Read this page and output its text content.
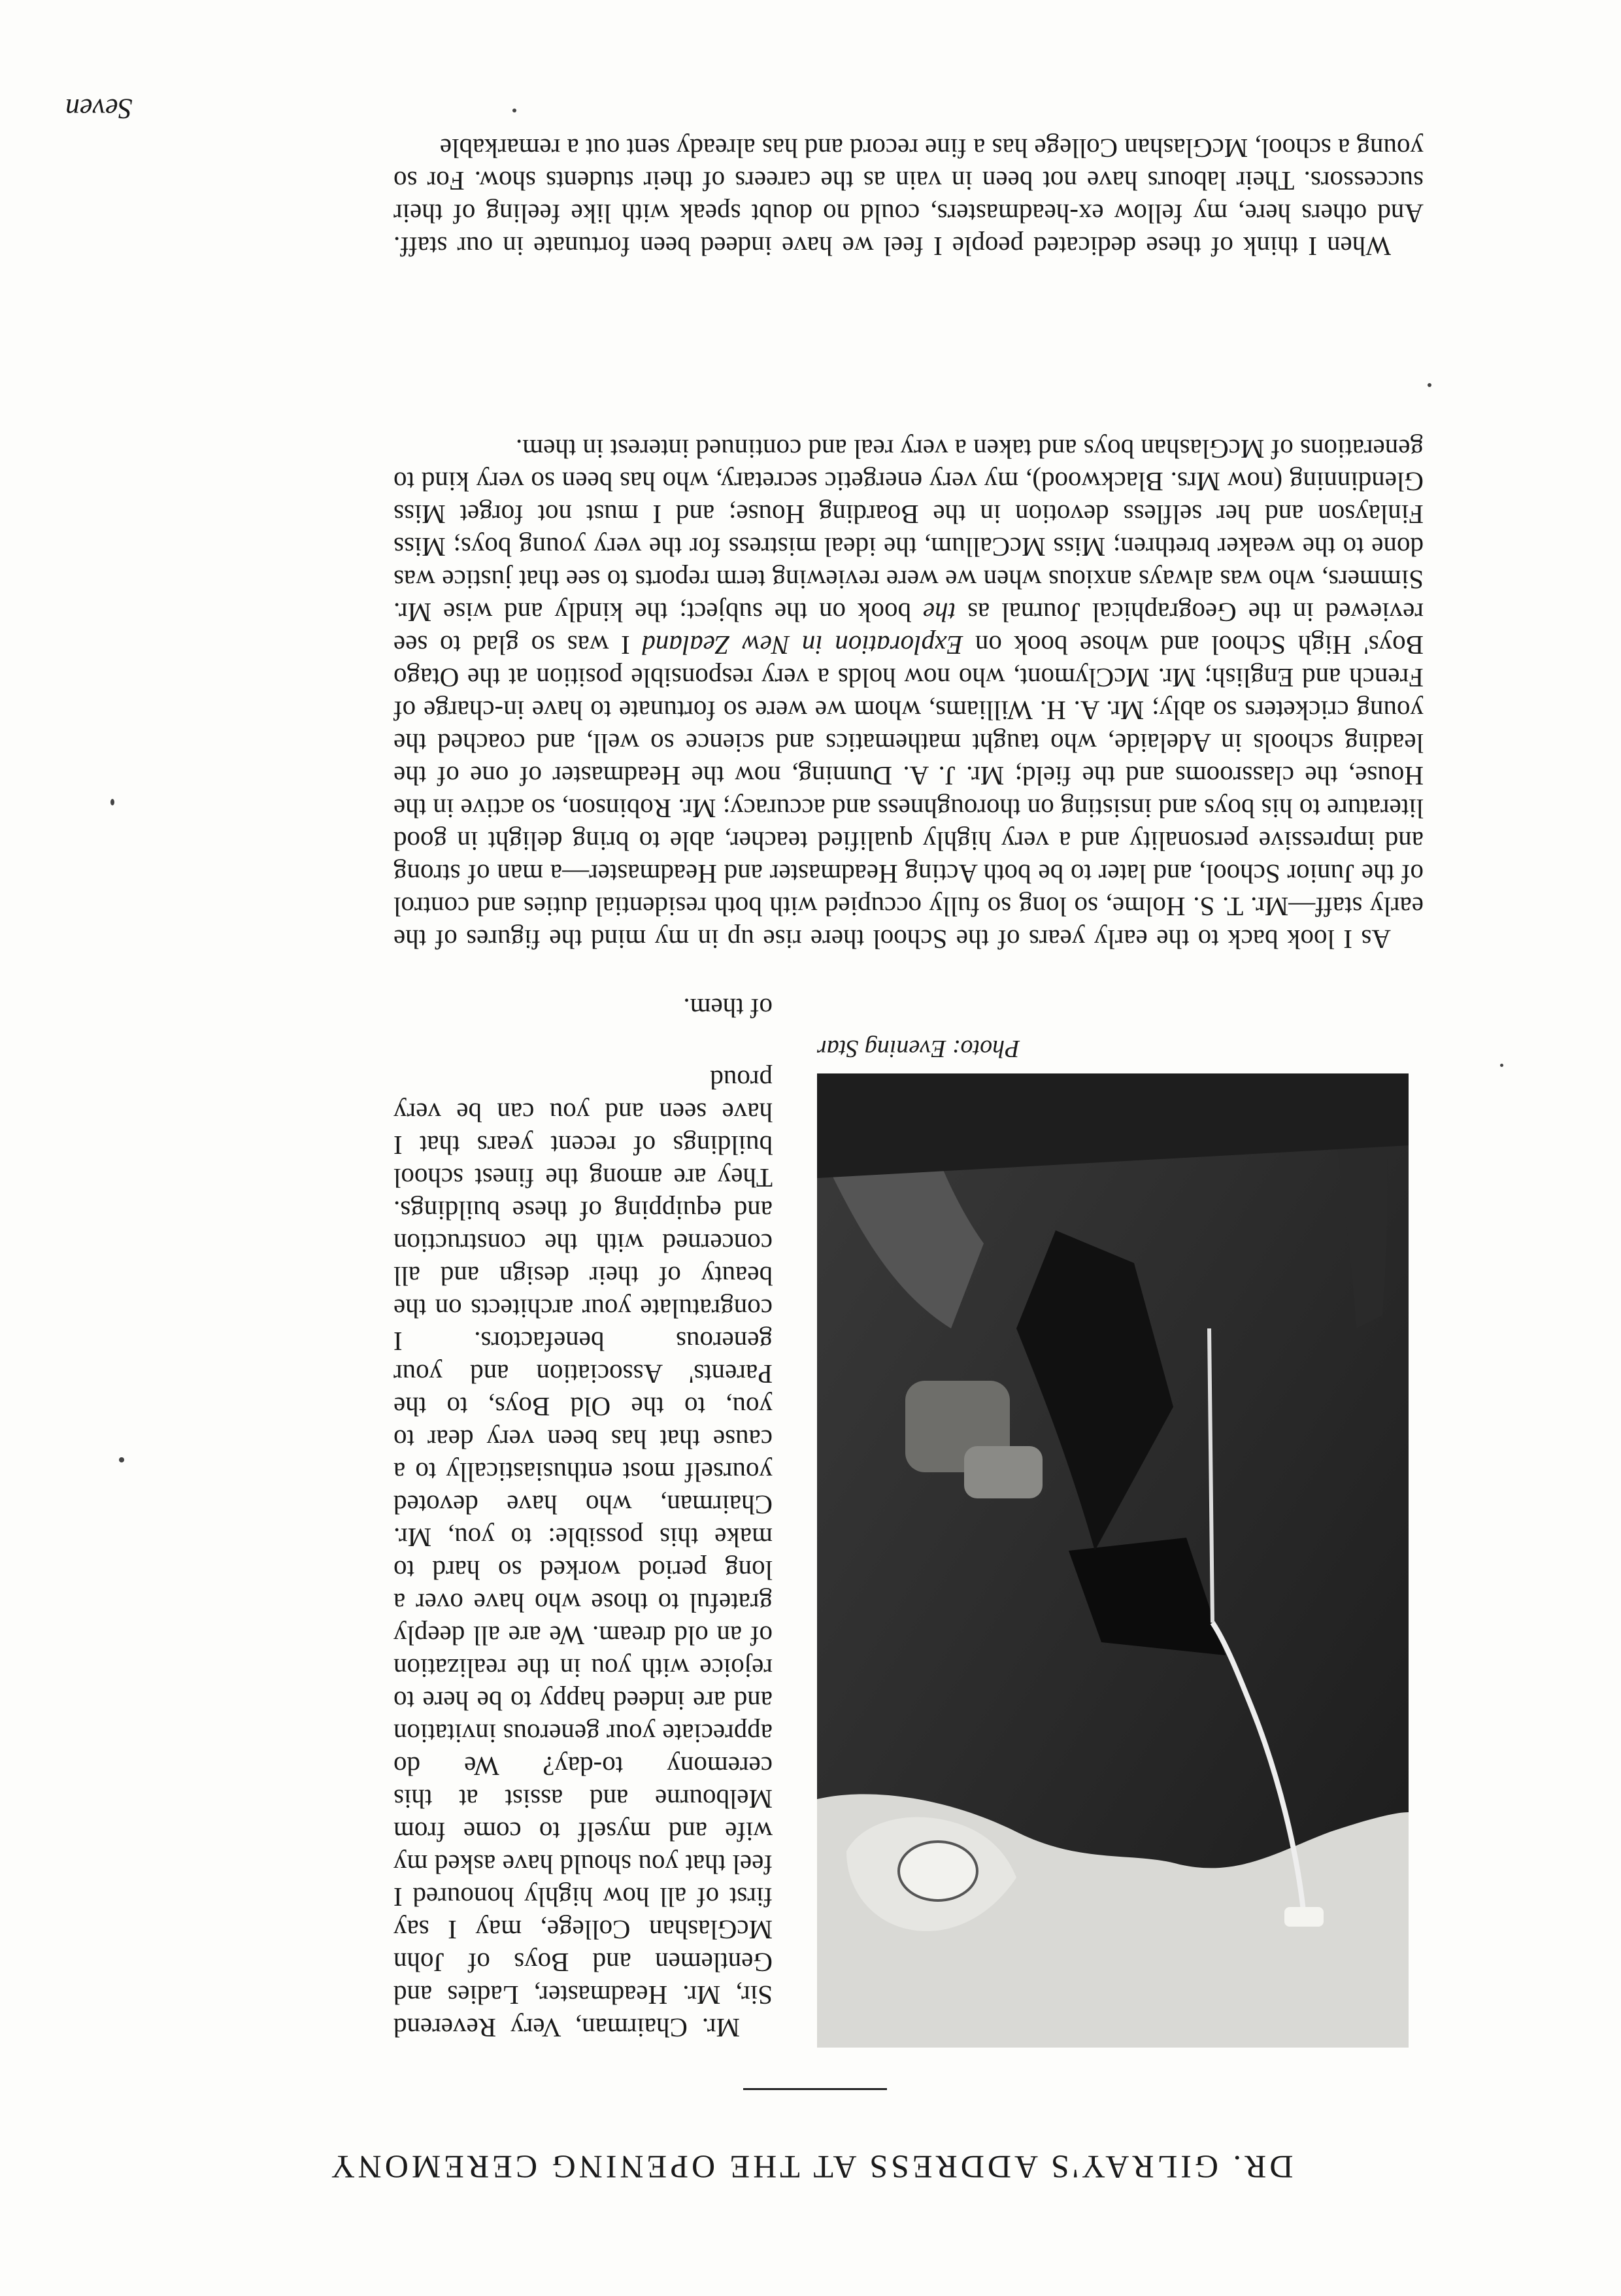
DR. GILRAY'S ADDRESS AT THE OPENING CEREMONY

Mr. Chairman, Very Reverend Sir, Mr. Headmaster, Ladies and Gentlemen and Boys of John McGlashan College, may I say first of all how highly honoured I feel that you should have asked my wife and myself to come from Melbourne and assist at this ceremony to-day? We do appreciate your generous invitation and are indeed happy to be here to rejoice with you in the realization of an old dream. We are all deeply grateful to those who have over a long period worked so hard to make this possible: to you, Mr. Chairman, who have devoted yourself most enthusiastically to a cause that has been very dear to you, to the Old Boys, to the Parents' Association and your generous benefactors. I congratulate your architects on the beauty of their design and all concerned with the construction and equipping of these buildings. They are among the finest school buildings of recent years that I have seen and you can be very proud

of them.

Photo: Evening Star

As I look back to the early years of the School there rise up in my mind the figures of the early staff—Mr. T. S. Holme, so long so fully occupied with both residential duties and control of the Junior School, and later to be both Acting Headmaster and Headmaster—a man of strong and impressive personality and a very highly qualified teacher, able to bring delight in good literature to his boys and insisting on thoroughness and accuracy; Mr. Robinson, so active in the House, the classrooms and the field; Mr. J. A. Dunning, now the Headmaster of one of the leading schools in Adelaide, who taught mathematics and science so well, and coached the young cricketers so ably; Mr. A. H. Williams, whom we were so fortunate to have in-charge of French and English; Mr. McClymont, who now holds a very responsible position at the Otago Boys' High School and whose book on Exploration in New Zealand I was so glad to see reviewed in the Geographical Journal as the book on the subject; the kindly and wise Mr. Simmers, who was always anxious when we were reviewing term reports to see that justice was done to the weaker brethren; Miss McCallum, the ideal mistress for the very young boys; Miss Finlayson and her selfless devotion in the Boarding House; and I must not forget Miss Glendinning (now Mrs. Blackwood), my very energetic secretary, who has been so very kind to generations of McGlashan boys and taken a very real and continued interest in them.

When I think of these dedicated people I feel we have indeed been fortunate in our staff. And others here, my fellow ex-headmasters, could no doubt speak with like feeling of their successors. Their labours have not been in vain as the careers of their students show. For so young a school, McGlashan College has a fine record and has already sent out a remarkable

Seven
